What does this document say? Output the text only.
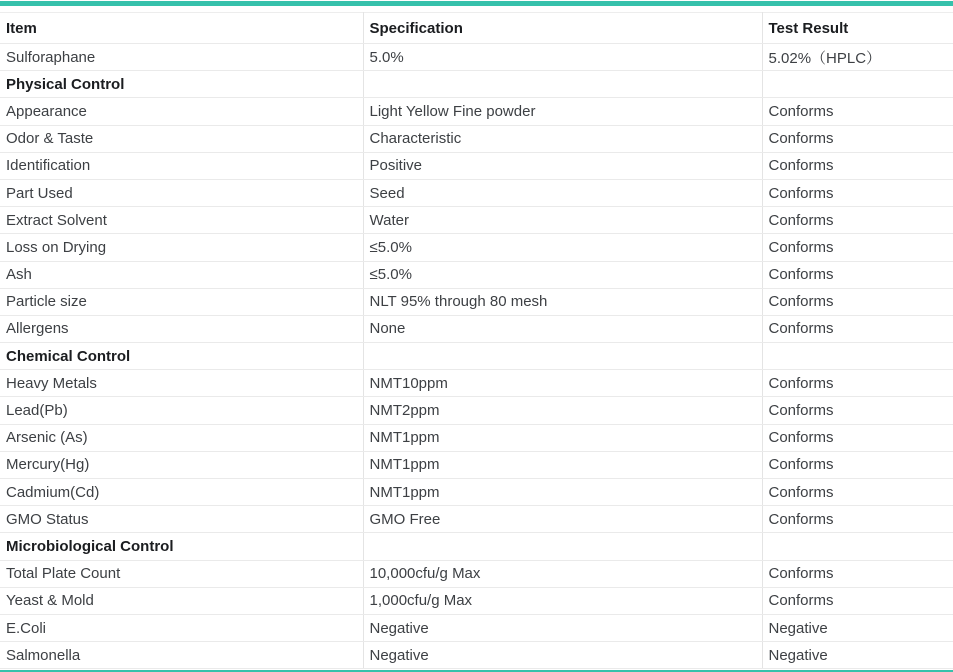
Item	Specification	Test Result
Sulforaphane	5.0%	5.02%（HPLC）
Physical Control		
Appearance	Light Yellow Fine powder	Conforms
Odor & Taste	Characteristic	Conforms
Identification	Positive	Conforms
Part Used	Seed	Conforms
Extract Solvent	Water	Conforms
Loss on Drying	≤5.0%	Conforms
Ash	≤5.0%	Conforms
Particle size	NLT 95% through 80 mesh	Conforms
Allergens	None	Conforms
Chemical Control		
Heavy Metals	NMT10ppm	Conforms
Lead(Pb)	NMT2ppm	Conforms
Arsenic (As)	NMT1ppm	Conforms
Mercury(Hg)	NMT1ppm	Conforms
Cadmium(Cd)	NMT1ppm	Conforms
GMO Status	GMO Free	Conforms
Microbiological Control		
Total Plate Count	10,000cfu/g Max	Conforms
Yeast & Mold	1,000cfu/g Max	Conforms
E.Coli	Negative	Negative
Salmonella	Negative	Negative
